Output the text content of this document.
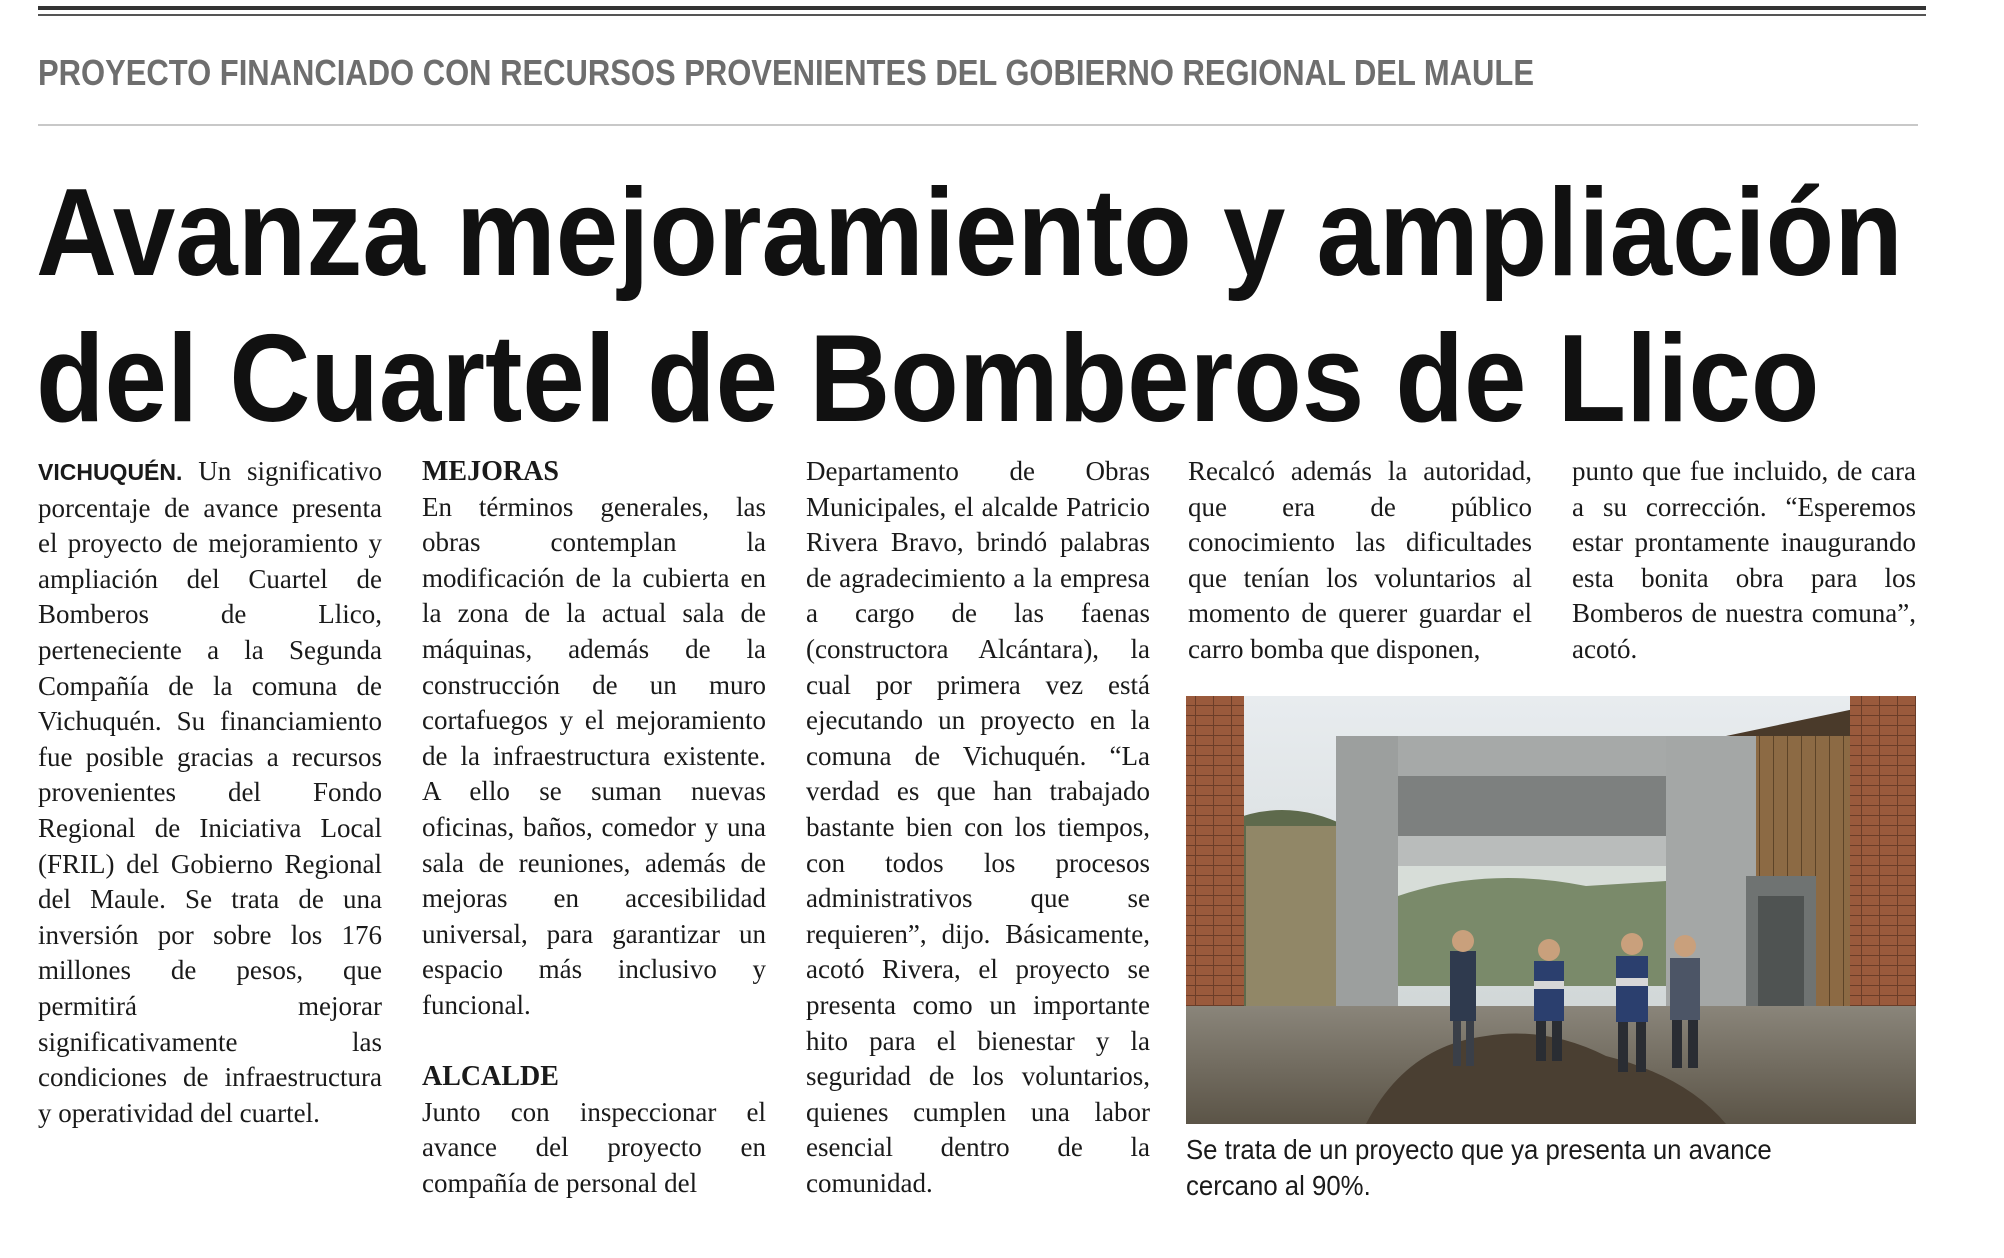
PROYECTO FINANCIADO CON RECURSOS PROVENIENTES DEL GOBIERNO REGIONAL DEL MAULE
Avanza mejoramiento y ampliación
del Cuartel de Bomberos de Llico

VICHUQUÉN. Un significativo porcentaje de avance presenta el proyecto de mejoramiento y ampliación del Cuartel de Bomberos de Llico, perteneciente a la Segunda Compañía de la comuna de Vichuquén. Su financiamiento fue posible gracias a recursos provenientes del Fondo Regional de Iniciativa Local (FRIL) del Gobierno Regional del Maule. Se trata de una inversión por sobre los 176 millones de pesos, que permitirá mejorar significativamente las condiciones de infraestructura y operatividad del cuartel.

MEJORAS

En términos generales, las obras contemplan la modificación de la cubierta en la zona de la actual sala de máquinas, además de la construcción de un muro cortafuegos y el mejoramiento de la infraestructura existente. A ello se suman nuevas oficinas, baños, comedor y una sala de reuniones, además de mejoras en accesibilidad universal, para garantizar un espacio más inclusivo y funcional.

ALCALDE

Junto con inspeccionar el avance del proyecto en compañía de personal del

Departamento de Obras Municipales, el alcalde Patricio Rivera Bravo, brindó palabras de agradecimiento a la empresa a cargo de las faenas (constructora Alcántara), la cual por primera vez está ejecutando un proyecto en la comuna de Vichuquén. “La verdad es que han trabajado bastante bien con los tiempos, con todos los procesos administrativos que se requieren”, dijo. Básicamente, acotó Rivera, el proyecto se presenta como un importante hito para el bienestar y la seguridad de los voluntarios, quienes cumplen una labor esencial dentro de la comunidad.

Recalcó además la autoridad, que era de público conocimiento las dificultades que tenían los voluntarios al momento de querer guardar el carro bomba que disponen,

punto que fue incluido, de cara a su corrección. “Esperemos estar prontamente inaugurando esta bonita obra para los Bomberos de nuestra comuna”, acotó.

Se trata de un proyecto que ya presenta un avance cercano al 90%.
